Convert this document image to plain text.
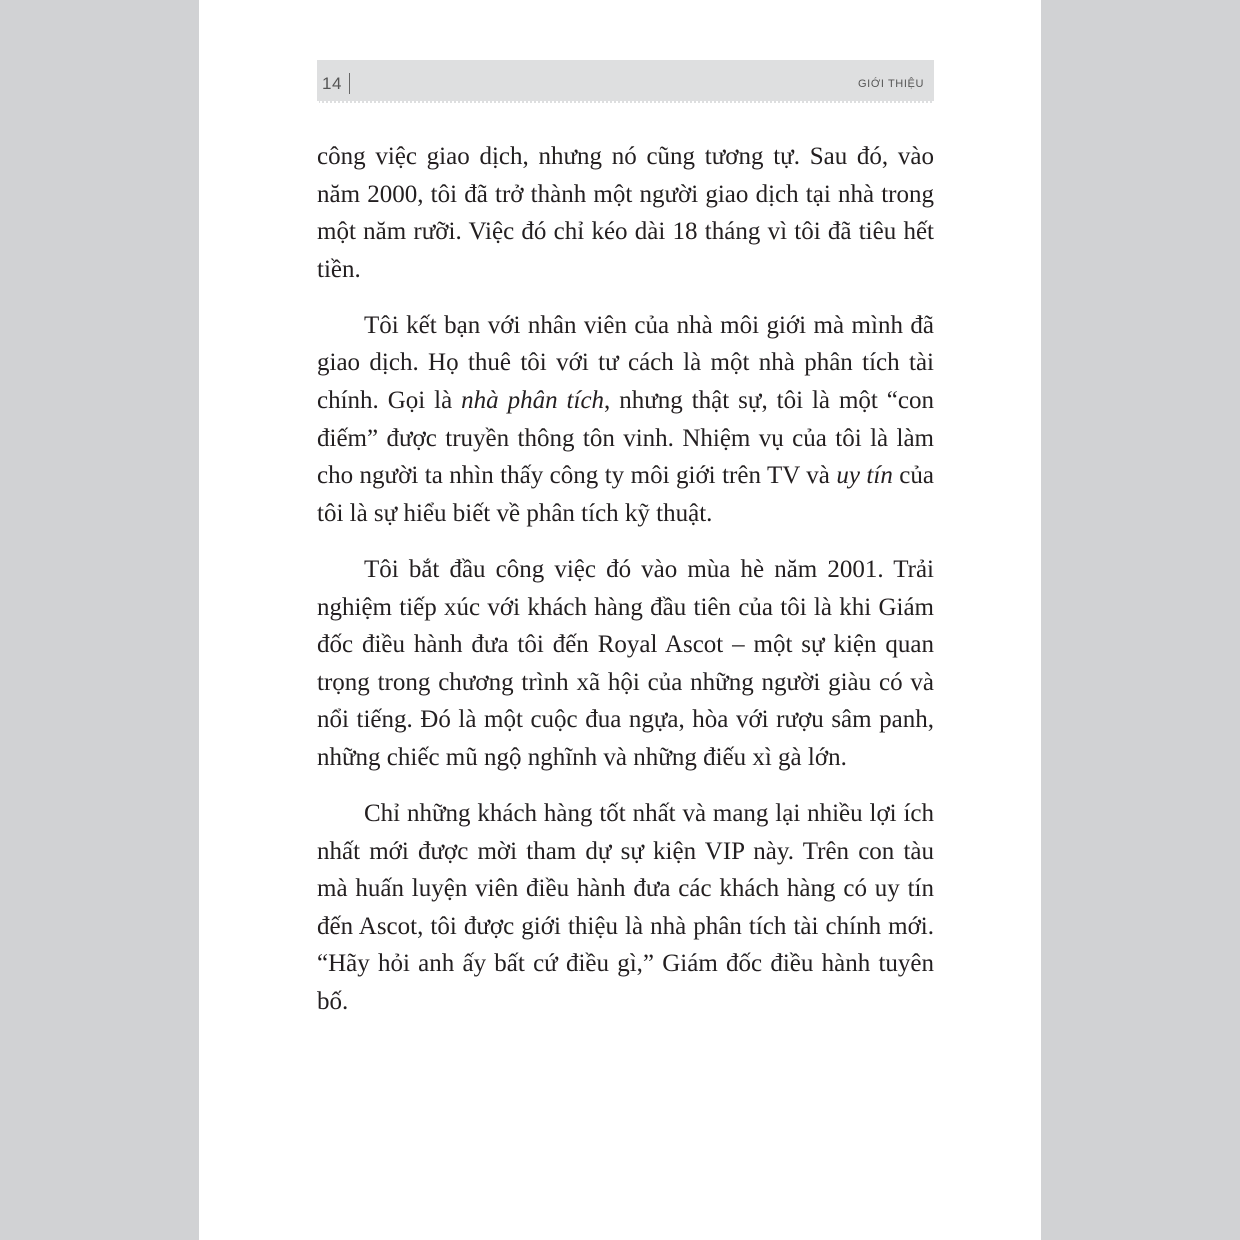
14	GIỚI THIỆU

công việc giao dịch, nhưng nó cũng tương tự. Sau đó, vào năm 2000, tôi đã trở thành một người giao dịch tại nhà trong một năm rưỡi. Việc đó chỉ kéo dài 18 tháng vì tôi đã tiêu hết tiền.

Tôi kết bạn với nhân viên của nhà môi giới mà mình đã giao dịch. Họ thuê tôi với tư cách là một nhà phân tích tài chính. Gọi là nhà phân tích, nhưng thật sự, tôi là một “con điếm” được truyền thông tôn vinh. Nhiệm vụ của tôi là làm cho người ta nhìn thấy công ty môi giới trên TV và uy tín của tôi là sự hiểu biết về phân tích kỹ thuật.

Tôi bắt đầu công việc đó vào mùa hè năm 2001. Trải nghiệm tiếp xúc với khách hàng đầu tiên của tôi là khi Giám đốc điều hành đưa tôi đến Royal Ascot – một sự kiện quan trọng trong chương trình xã hội của những người giàu có và nổi tiếng. Đó là một cuộc đua ngựa, hòa với rượu sâm panh, những chiếc mũ ngộ nghĩnh và những điếu xì gà lớn.

Chỉ những khách hàng tốt nhất và mang lại nhiều lợi ích nhất mới được mời tham dự sự kiện VIP này. Trên con tàu mà huấn luyện viên điều hành đưa các khách hàng có uy tín đến Ascot, tôi được giới thiệu là nhà phân tích tài chính mới. “Hãy hỏi anh ấy bất cứ điều gì,” Giám đốc điều hành tuyên bố.
